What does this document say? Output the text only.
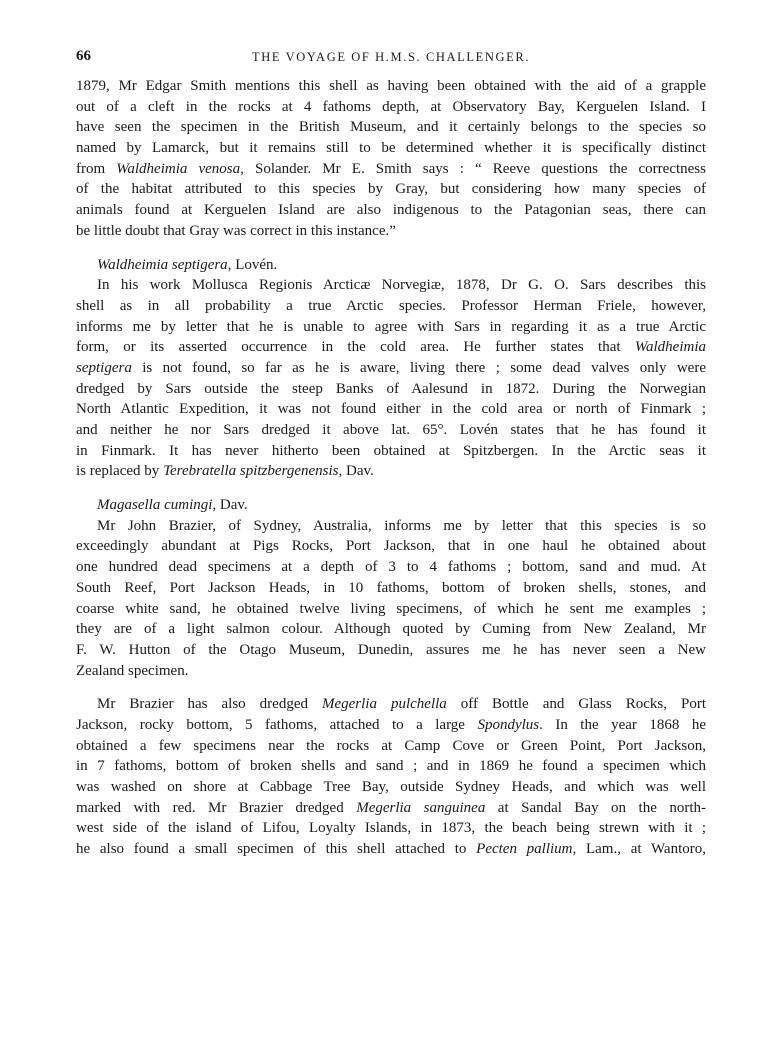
66	THE VOYAGE OF H.M.S. CHALLENGER.
1879, Mr Edgar Smith mentions this shell as having been obtained with the aid of a grapple
out of a cleft in the rocks at 4 fathoms depth, at Observatory Bay, Kerguelen Island. I
have seen the specimen in the British Museum, and it certainly belongs to the species so
named by Lamarck, but it remains still to be determined whether it is specifically distinct
from Waldheimia venosa, Solander. Mr E. Smith says : “ Reeve questions the correctness
of the habitat attributed to this species by Gray, but considering how many species of
animals found at Kerguelen Island are also indigenous to the Patagonian seas, there can
be little doubt that Gray was correct in this instance.”
Waldheimia septigera, Lovén.
In his work Mollusca Regionis Arcticæ Norvegiæ, 1878, Dr G. O. Sars describes this
shell as in all probability a true Arctic species. Professor Herman Friele, however,
informs me by letter that he is unable to agree with Sars in regarding it as a true Arctic
form, or its asserted occurrence in the cold area. He further states that Waldheimia
septigera is not found, so far as he is aware, living there ; some dead valves only were
dredged by Sars outside the steep Banks of Aalesund in 1872. During the Norwegian
North Atlantic Expedition, it was not found either in the cold area or north of Finmark ;
and neither he nor Sars dredged it above lat. 65°. Lovén states that he has found it
in Finmark. It has never hitherto been obtained at Spitzbergen. In the Arctic seas it
is replaced by Terebratella spitzbergenensis, Dav.
Magasella cumingi, Dav.
Mr John Brazier, of Sydney, Australia, informs me by letter that this species is so
exceedingly abundant at Pigs Rocks, Port Jackson, that in one haul he obtained about
one hundred dead specimens at a depth of 3 to 4 fathoms ; bottom, sand and mud. At
South Reef, Port Jackson Heads, in 10 fathoms, bottom of broken shells, stones, and
coarse white sand, he obtained twelve living specimens, of which he sent me examples ;
they are of a light salmon colour. Although quoted by Cuming from New Zealand, Mr
F. W. Hutton of the Otago Museum, Dunedin, assures me he has never seen a New
Zealand specimen.
Mr Brazier has also dredged Megerlia pulchella off Bottle and Glass Rocks, Port
Jackson, rocky bottom, 5 fathoms, attached to a large Spondylus. In the year 1868 he
obtained a few specimens near the rocks at Camp Cove or Green Point, Port Jackson,
in 7 fathoms, bottom of broken shells and sand ; and in 1869 he found a specimen which
was washed on shore at Cabbage Tree Bay, outside Sydney Heads, and which was well
marked with red. Mr Brazier dredged Megerlia sanguinea at Sandal Bay on the north-
west side of the island of Lifou, Loyalty Islands, in 1873, the beach being strewn with it ;
he also found a small specimen of this shell attached to Pecten pallium, Lam., at Wantoro,
